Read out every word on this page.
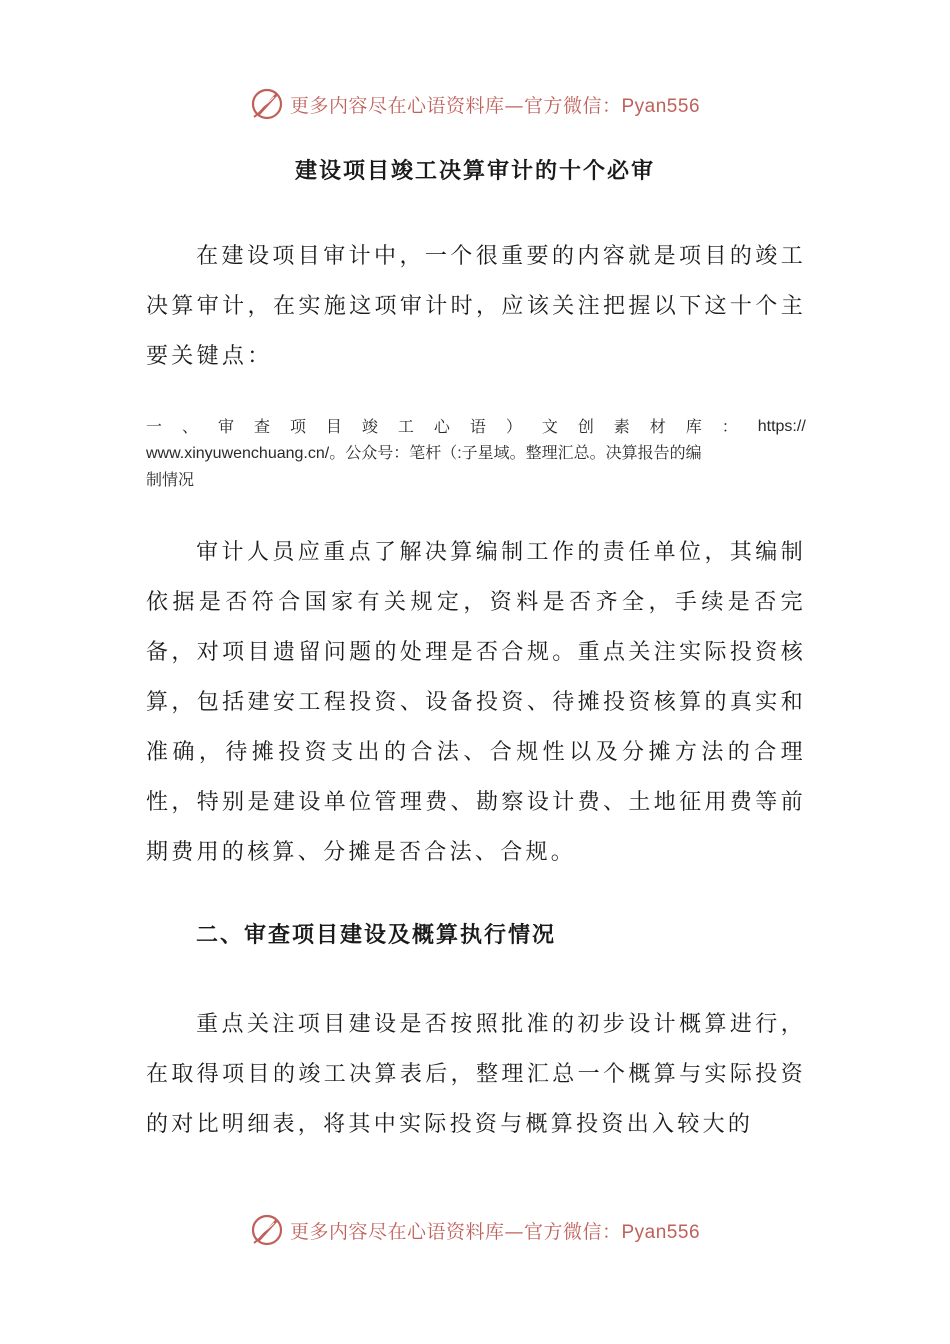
更多内容尽在心语资料库—官方微信：Pyan556
建设项目竣工决算审计的十个必审
在建设项目审计中，一个很重要的内容就是项目的竣工决算审计，在实施这项审计时，应该关注把握以下这十个主要关键点：
一 、 审 查 项 目 竣 工 心 语 ） 文 创 素 材 库 ： https://
www.xinyuwenchuang.cn/。公众号：笔杆（:子星域。整理汇总。决算报告的编
制情况
审计人员应重点了解决算编制工作的责任单位，其编制依据是否符合国家有关规定，资料是否齐全，手续是否完备，对项目遗留问题的处理是否合规。重点关注实际投资核算，包括建安工程投资、设备投资、待摊投资核算的真实和准确，待摊投资支出的合法、合规性以及分摊方法的合理性，特别是建设单位管理费、勘察设计费、土地征用费等前期费用的核算、分摊是否合法、合规。
二、审查项目建设及概算执行情况
重点关注项目建设是否按照批准的初步设计概算进行，在取得项目的竣工决算表后，整理汇总一个概算与实际投资的对比明细表，将其中实际投资与概算投资出入较大的
更多内容尽在心语资料库—官方微信：Pyan556
